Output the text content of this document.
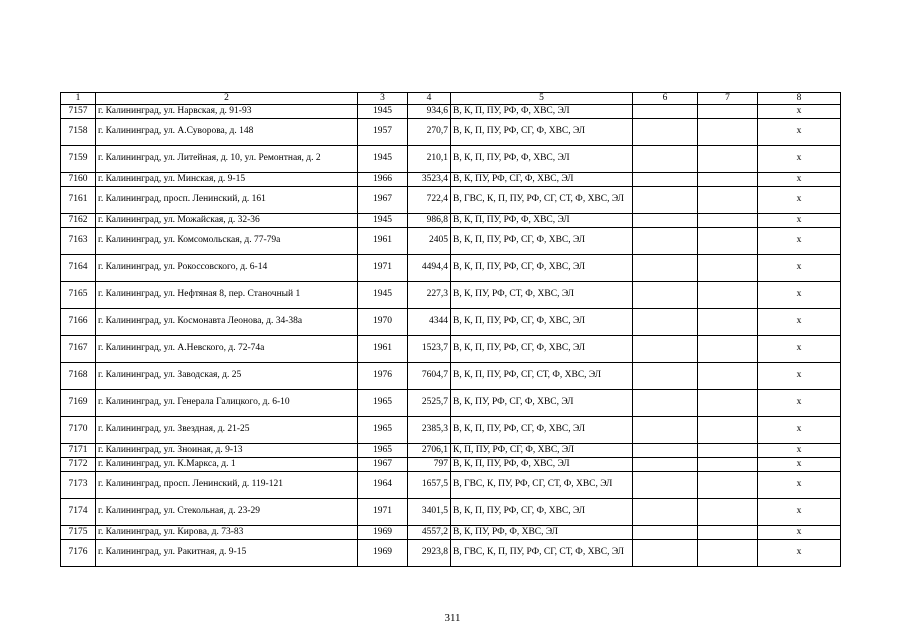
1	2	3	4	5	6	7	8
7157	г. Калининград, ул. Нарвская, д. 91-93	1945	934,6	В, К, П, ПУ, РФ, Ф, ХВС, ЭЛ			х
7158	г. Калининград, ул. А.Суворова, д. 148	1957	270,7	В, К, П, ПУ, РФ, СГ, Ф, ХВС, ЭЛ			х
7159	г. Калининград, ул. Литейная, д. 10, ул. Ремонтная, д. 2	1945	210,1	В, К, П, ПУ, РФ, Ф, ХВС, ЭЛ			х
7160	г. Калининград, ул. Минская, д. 9-15	1966	3523,4	В, К, ПУ, РФ, СГ, Ф, ХВС, ЭЛ			х
7161	г. Калининград, просп. Ленинский, д. 161	1967	722,4	В, ГВС, К, П, ПУ, РФ, СГ, СТ, Ф, ХВС, ЭЛ			х
7162	г. Калининград, ул. Можайская, д. 32-36	1945	986,8	В, К, П, ПУ, РФ, Ф, ХВС, ЭЛ			х
7163	г. Калининград, ул. Комсомольская, д. 77-79а	1961	2405	В, К, П, ПУ, РФ, СГ, Ф, ХВС, ЭЛ			х
7164	г. Калининград, ул. Рокоссовского, д. 6-14	1971	4494,4	В, К, П, ПУ, РФ, СГ, Ф, ХВС, ЭЛ			х
7165	г. Калининград, ул. Нефтяная 8, пер. Станочный 1	1945	227,3	В, К, ПУ, РФ, СТ, Ф, ХВС, ЭЛ			х
7166	г. Калининград, ул. Космонавта Леонова, д. 34-38а	1970	4344	В, К, П, ПУ, РФ, СГ, Ф, ХВС, ЭЛ			х
7167	г. Калининград, ул. А.Невского, д. 72-74а	1961	1523,7	В, К, П, ПУ, РФ, СГ, Ф, ХВС, ЭЛ			х
7168	г. Калининград, ул. Заводская, д. 25	1976	7604,7	В, К, П, ПУ, РФ, СГ, СТ, Ф, ХВС, ЭЛ			х
7169	г. Калининград, ул. Генерала Галицкого, д. 6-10	1965	2525,7	В, К, ПУ, РФ, СГ, Ф, ХВС, ЭЛ			х
7170	г. Калининград, ул. Звездная, д. 21-25	1965	2385,3	В, К, П, ПУ, РФ, СГ, Ф, ХВС, ЭЛ			х
7171	г. Калининград, ул. Зноиная, д. 9-13	1965	2706,1	К, П, ПУ, РФ, СГ, Ф, ХВС, ЭЛ			х
7172	г. Калининград, ул. К.Маркса, д. 1	1967	797	В, К, П, ПУ, РФ, Ф, ХВС, ЭЛ			х
7173	г. Калининград, просп. Ленинский, д. 119-121	1964	1657,5	В, ГВС, К, ПУ, РФ, СГ, СТ, Ф, ХВС, ЭЛ			х
7174	г. Калининград, ул. Стекольная, д. 23-29	1971	3401,5	В, К, П, ПУ, РФ, СГ, Ф, ХВС, ЭЛ			х
7175	г. Калининград, ул. Кирова, д. 73-83	1969	4557,2	В, К, ПУ, РФ, Ф, ХВС, ЭЛ			х
7176	г. Калининград, ул. Ракитная, д. 9-15	1969	2923,8	В, ГВС, К, П, ПУ, РФ, СГ, СТ, Ф, ХВС, ЭЛ			х
311
